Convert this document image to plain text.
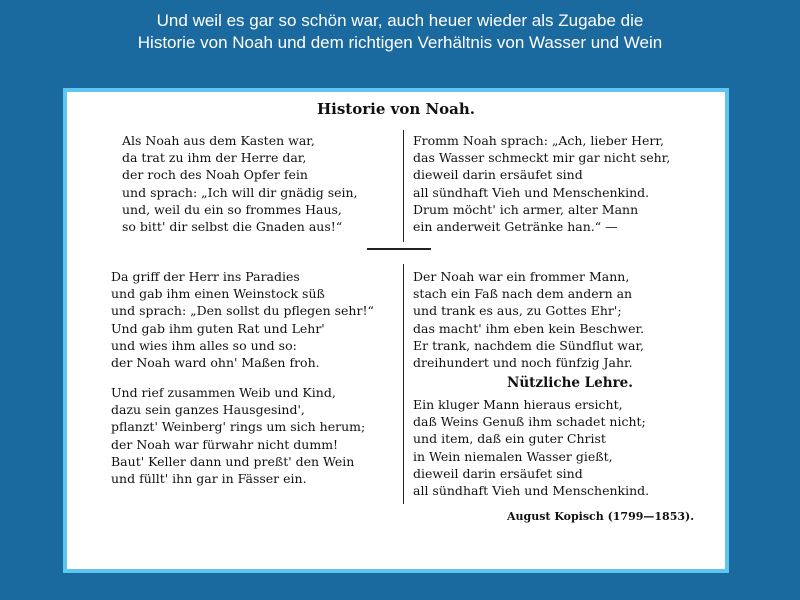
Und weil es gar so schön war, auch heuer wieder als Zugabe die
Historie von Noah und dem richtigen Verhältnis von Wasser und Wein
Historie von Noah.
Als Noah aus dem Kasten war,
da trat zu ihm der Herre dar,
der roch des Noah Opfer fein
und sprach: „Ich will dir gnädig sein,
und, weil du ein so frommes Haus,
so bitt' dir selbst die Gnaden aus!“
Fromm Noah sprach: „Ach, lieber Herr,
das Wasser schmeckt mir gar nicht sehr,
dieweil darin ersäufet sind
all sündhaft Vieh und Menschenkind.
Drum möcht' ich armer, alter Mann
ein anderweit Getränke han.“ —
Da griff der Herr ins Paradies
und gab ihm einen Weinstock süß
und sprach: „Den sollst du pflegen sehr!“
Und gab ihm guten Rat und Lehr'
und wies ihm alles so und so:
der Noah ward ohn' Maßen froh.
Der Noah war ein frommer Mann,
stach ein Faß nach dem andern an
und trank es aus, zu Gottes Ehr';
das macht' ihm eben kein Beschwer.
Er trank, nachdem die Sündflut war,
dreihundert und noch fünfzig Jahr.
Und rief zusammen Weib und Kind,
dazu sein ganzes Hausgesind',
pflanzt' Weinberg' rings um sich herum;
der Noah war fürwahr nicht dumm!
Baut' Keller dann und preßt' den Wein
und füllt' ihn gar in Fässer ein.
Nützliche Lehre.
Ein kluger Mann hieraus ersicht,
daß Weins Genuß ihm schadet nicht;
und item, daß ein guter Christ
in Wein niemalen Wasser gießt,
dieweil darin ersäufet sind
all sündhaft Vieh und Menschenkind.
August Kopisch (1799—1853).
